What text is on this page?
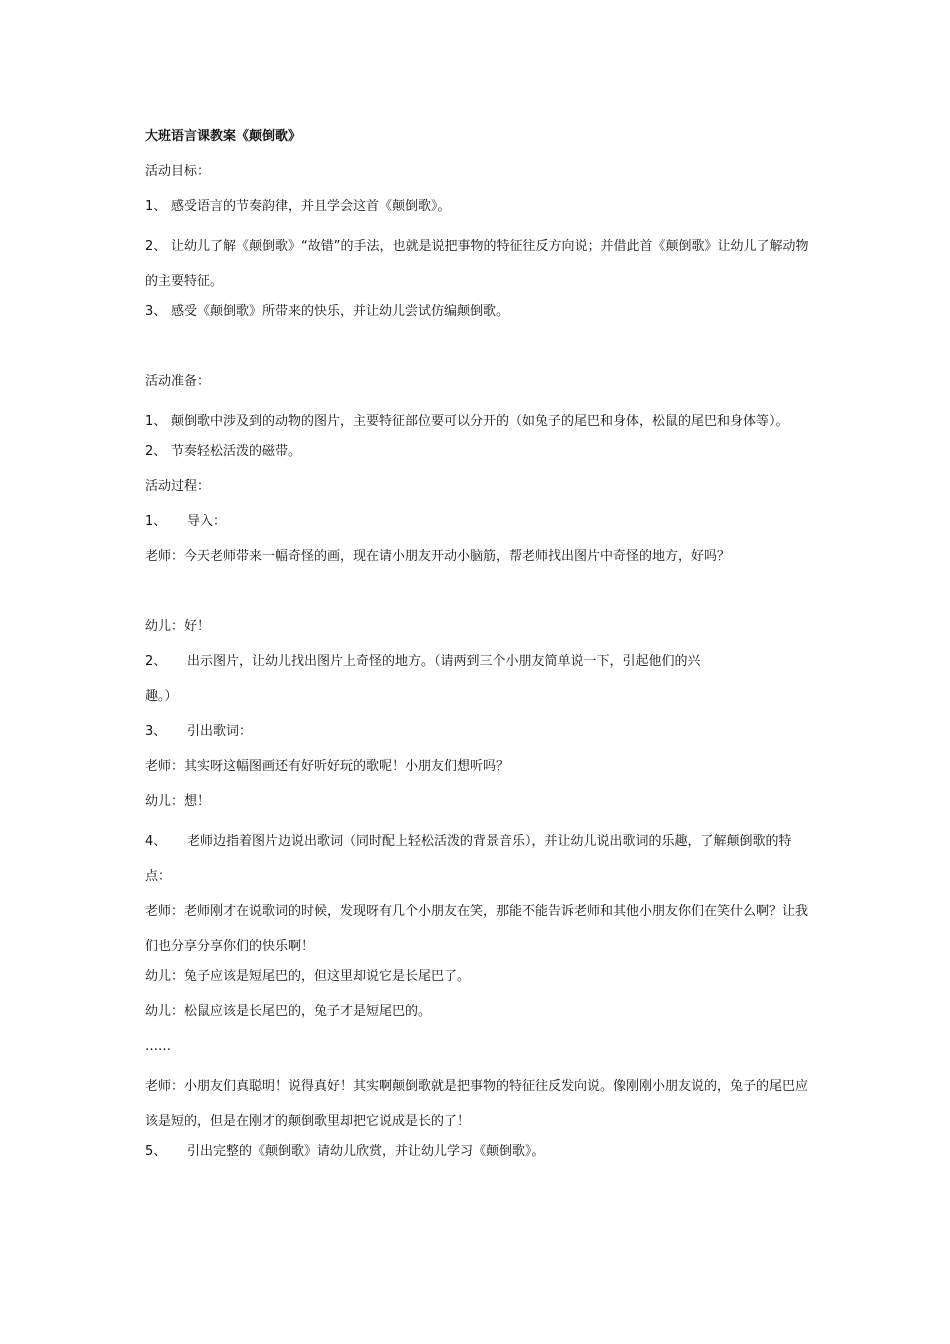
大班语言课教案《颠倒歌》
活动目标：
1、 感受语言的节奏韵律，并且学会这首《颠倒歌》。
2、 让幼儿了解《颠倒歌》“故错”的手法，也就是说把事物的特征往反方向说；并借此首《颠倒歌》让幼儿了解动物的主要特征。
3、 感受《颠倒歌》所带来的快乐，并让幼儿尝试仿编颠倒歌。
活动准备：
1、 颠倒歌中涉及到的动物的图片，主要特征部位要可以分开的（如兔子的尾巴和身体，松鼠的尾巴和身体等）。
2、 节奏轻松活泼的磁带。
活动过程：
1、 导入：
老师：今天老师带来一幅奇怪的画，现在请小朋友开动小脑筋，帮老师找出图片中奇怪的地方，好吗？
幼儿：好！
2、 出示图片，让幼儿找出图片上奇怪的地方。（请两到三个小朋友简单说一下，引起他们的兴
趣。）
3、 引出歌词：
老师：其实呀这幅图画还有好听好玩的歌呢！小朋友们想听吗？
幼儿：想！
4、 老师边指着图片边说出歌词（同时配上轻松活泼的背景音乐），并让幼儿说出歌词的乐趣，了解颠倒歌的特点：
老师：老师刚才在说歌词的时候，发现呀有几个小朋友在笑，那能不能告诉老师和其他小朋友你们在笑什么啊？让我们也分享分享你们的快乐啊！
幼儿：兔子应该是短尾巴的，但这里却说它是长尾巴了。
幼儿：松鼠应该是长尾巴的，兔子才是短尾巴的。
……
老师：小朋友们真聪明！说得真好！其实啊颠倒歌就是把事物的特征往反发向说。像刚刚小朋友说的，兔子的尾巴应该是短的，但是在刚才的颠倒歌里却把它说成是长的了！
5、 引出完整的《颠倒歌》请幼儿欣赏，并让幼儿学习《颠倒歌》。
